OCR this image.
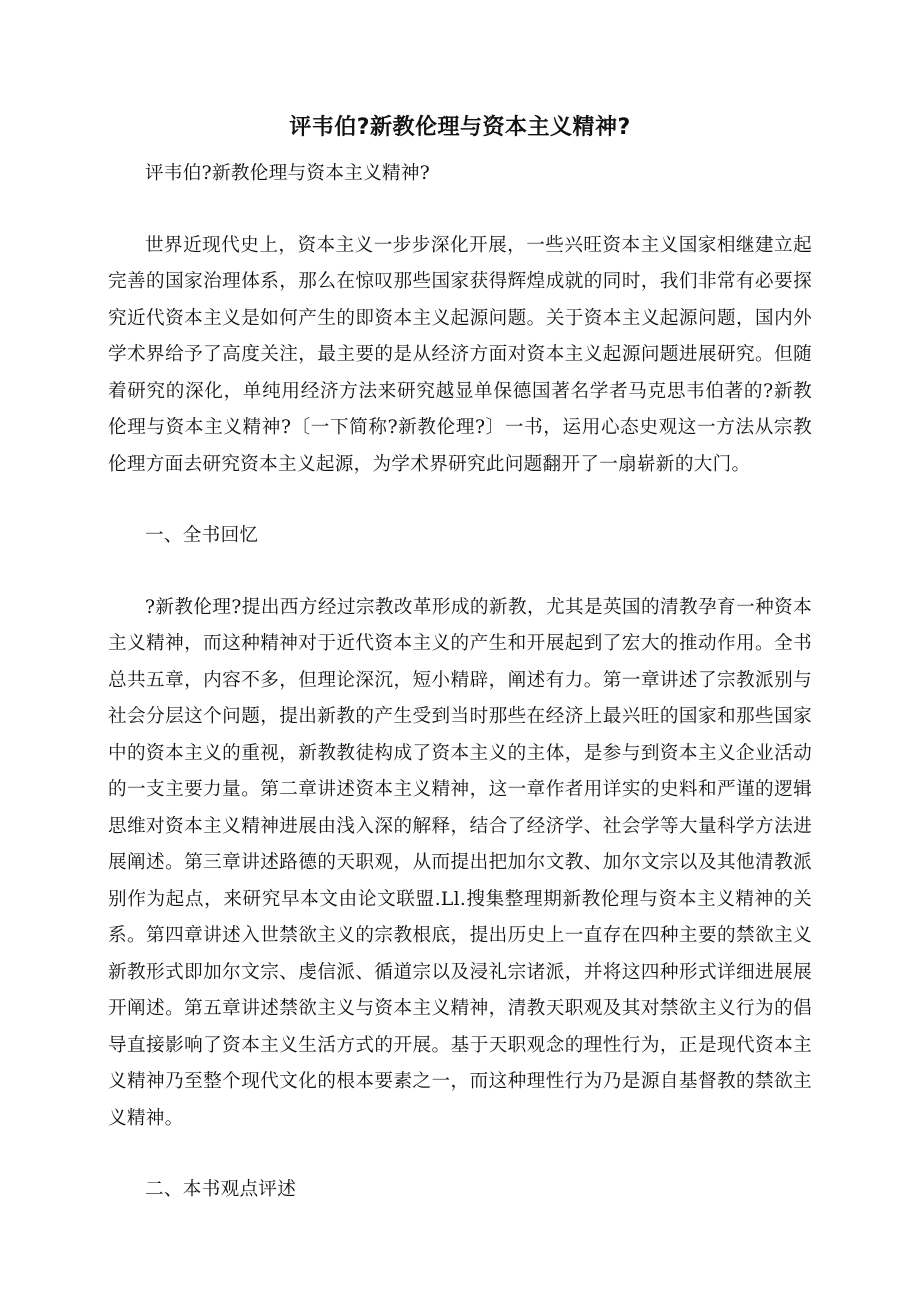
评韦伯?新教伦理与资本主义精神?

评韦伯?新教伦理与资本主义精神?

世界近现代史上，资本主义一步步深化开展，一些兴旺资本主义国家相继建立起完善的国家治理体系，那么在惊叹那些国家获得辉煌成就的同时，我们非常有必要探究近代资本主义是如何产生的即资本主义起源问题。关于资本主义起源问题，国内外学术界给予了高度关注，最主要的是从经济方面对资本主义起源问题进展研究。但随着研究的深化，单纯用经济方法来研究越显单保德国著名学者马克思韦伯著的?新教伦理与资本主义精神?〔一下简称?新教伦理?〕一书，运用心态史观这一方法从宗教伦理方面去研究资本主义起源，为学术界研究此问题翻开了一扇崭新的大门。

一、全书回忆

?新教伦理?提出西方经过宗教改革形成的新教，尤其是英国的清教孕育一种资本主义精神，而这种精神对于近代资本主义的产生和开展起到了宏大的推动作用。全书总共五章，内容不多，但理论深沉，短小精辟，阐述有力。第一章讲述了宗教派别与社会分层这个问题，提出新教的产生受到当时那些在经济上最兴旺的国家和那些国家中的资本主义的重视，新教教徒构成了资本主义的主体，是参与到资本主义企业活动的一支主要力量。第二章讲述资本主义精神，这一章作者用详实的史料和严谨的逻辑思维对资本主义精神进展由浅入深的解释，结合了经济学、社会学等大量科学方法进展阐述。第三章讲述路德的天职观，从而提出把加尔文教、加尔文宗以及其他清教派别作为起点，来研究早本文由论文联盟.Ll.搜集整理期新教伦理与资本主义精神的关系。第四章讲述入世禁欲主义的宗教根底，提出历史上一直存在四种主要的禁欲主义新教形式即加尔文宗、虔信派、循道宗以及浸礼宗诸派，并将这四种形式详细进展展开阐述。第五章讲述禁欲主义与资本主义精神，清教天职观及其对禁欲主义行为的倡导直接影响了资本主义生活方式的开展。基于天职观念的理性行为，正是现代资本主义精神乃至整个现代文化的根本要素之一，而这种理性行为乃是源自基督教的禁欲主义精神。

二、本书观点评述
